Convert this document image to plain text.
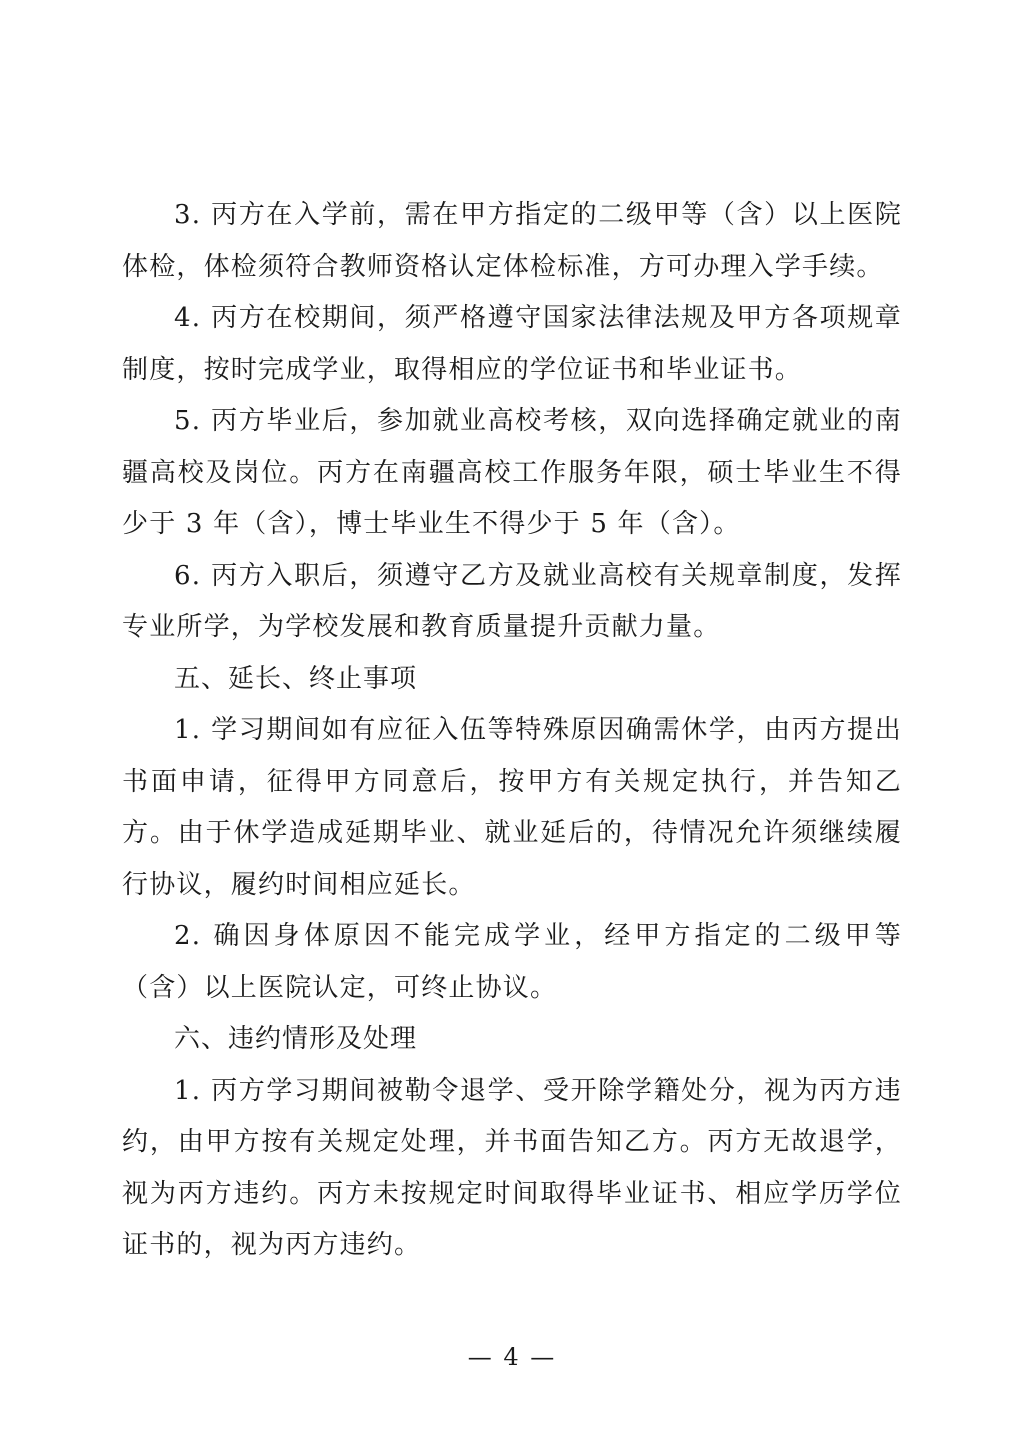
3. 丙方在入学前，需在甲方指定的二级甲等（含）以上医院体检，体检须符合教师资格认定体检标准，方可办理入学手续。

4. 丙方在校期间，须严格遵守国家法律法规及甲方各项规章制度，按时完成学业，取得相应的学位证书和毕业证书。

5. 丙方毕业后，参加就业高校考核，双向选择确定就业的南疆高校及岗位。丙方在南疆高校工作服务年限，硕士毕业生不得少于 3 年（含），博士毕业生不得少于 5 年（含）。

6. 丙方入职后，须遵守乙方及就业高校有关规章制度，发挥专业所学，为学校发展和教育质量提升贡献力量。

五、延长、终止事项

1. 学习期间如有应征入伍等特殊原因确需休学，由丙方提出书面申请，征得甲方同意后，按甲方有关规定执行，并告知乙方。由于休学造成延期毕业、就业延后的，待情况允许须继续履行协议，履约时间相应延长。

2. 确因身体原因不能完成学业，经甲方指定的二级甲等（含）以上医院认定，可终止协议。

六、违约情形及处理

1. 丙方学习期间被勒令退学、受开除学籍处分，视为丙方违约，由甲方按有关规定处理，并书面告知乙方。丙方无故退学，视为丙方违约。丙方未按规定时间取得毕业证书、相应学历学位证书的，视为丙方违约。

— 4 —
